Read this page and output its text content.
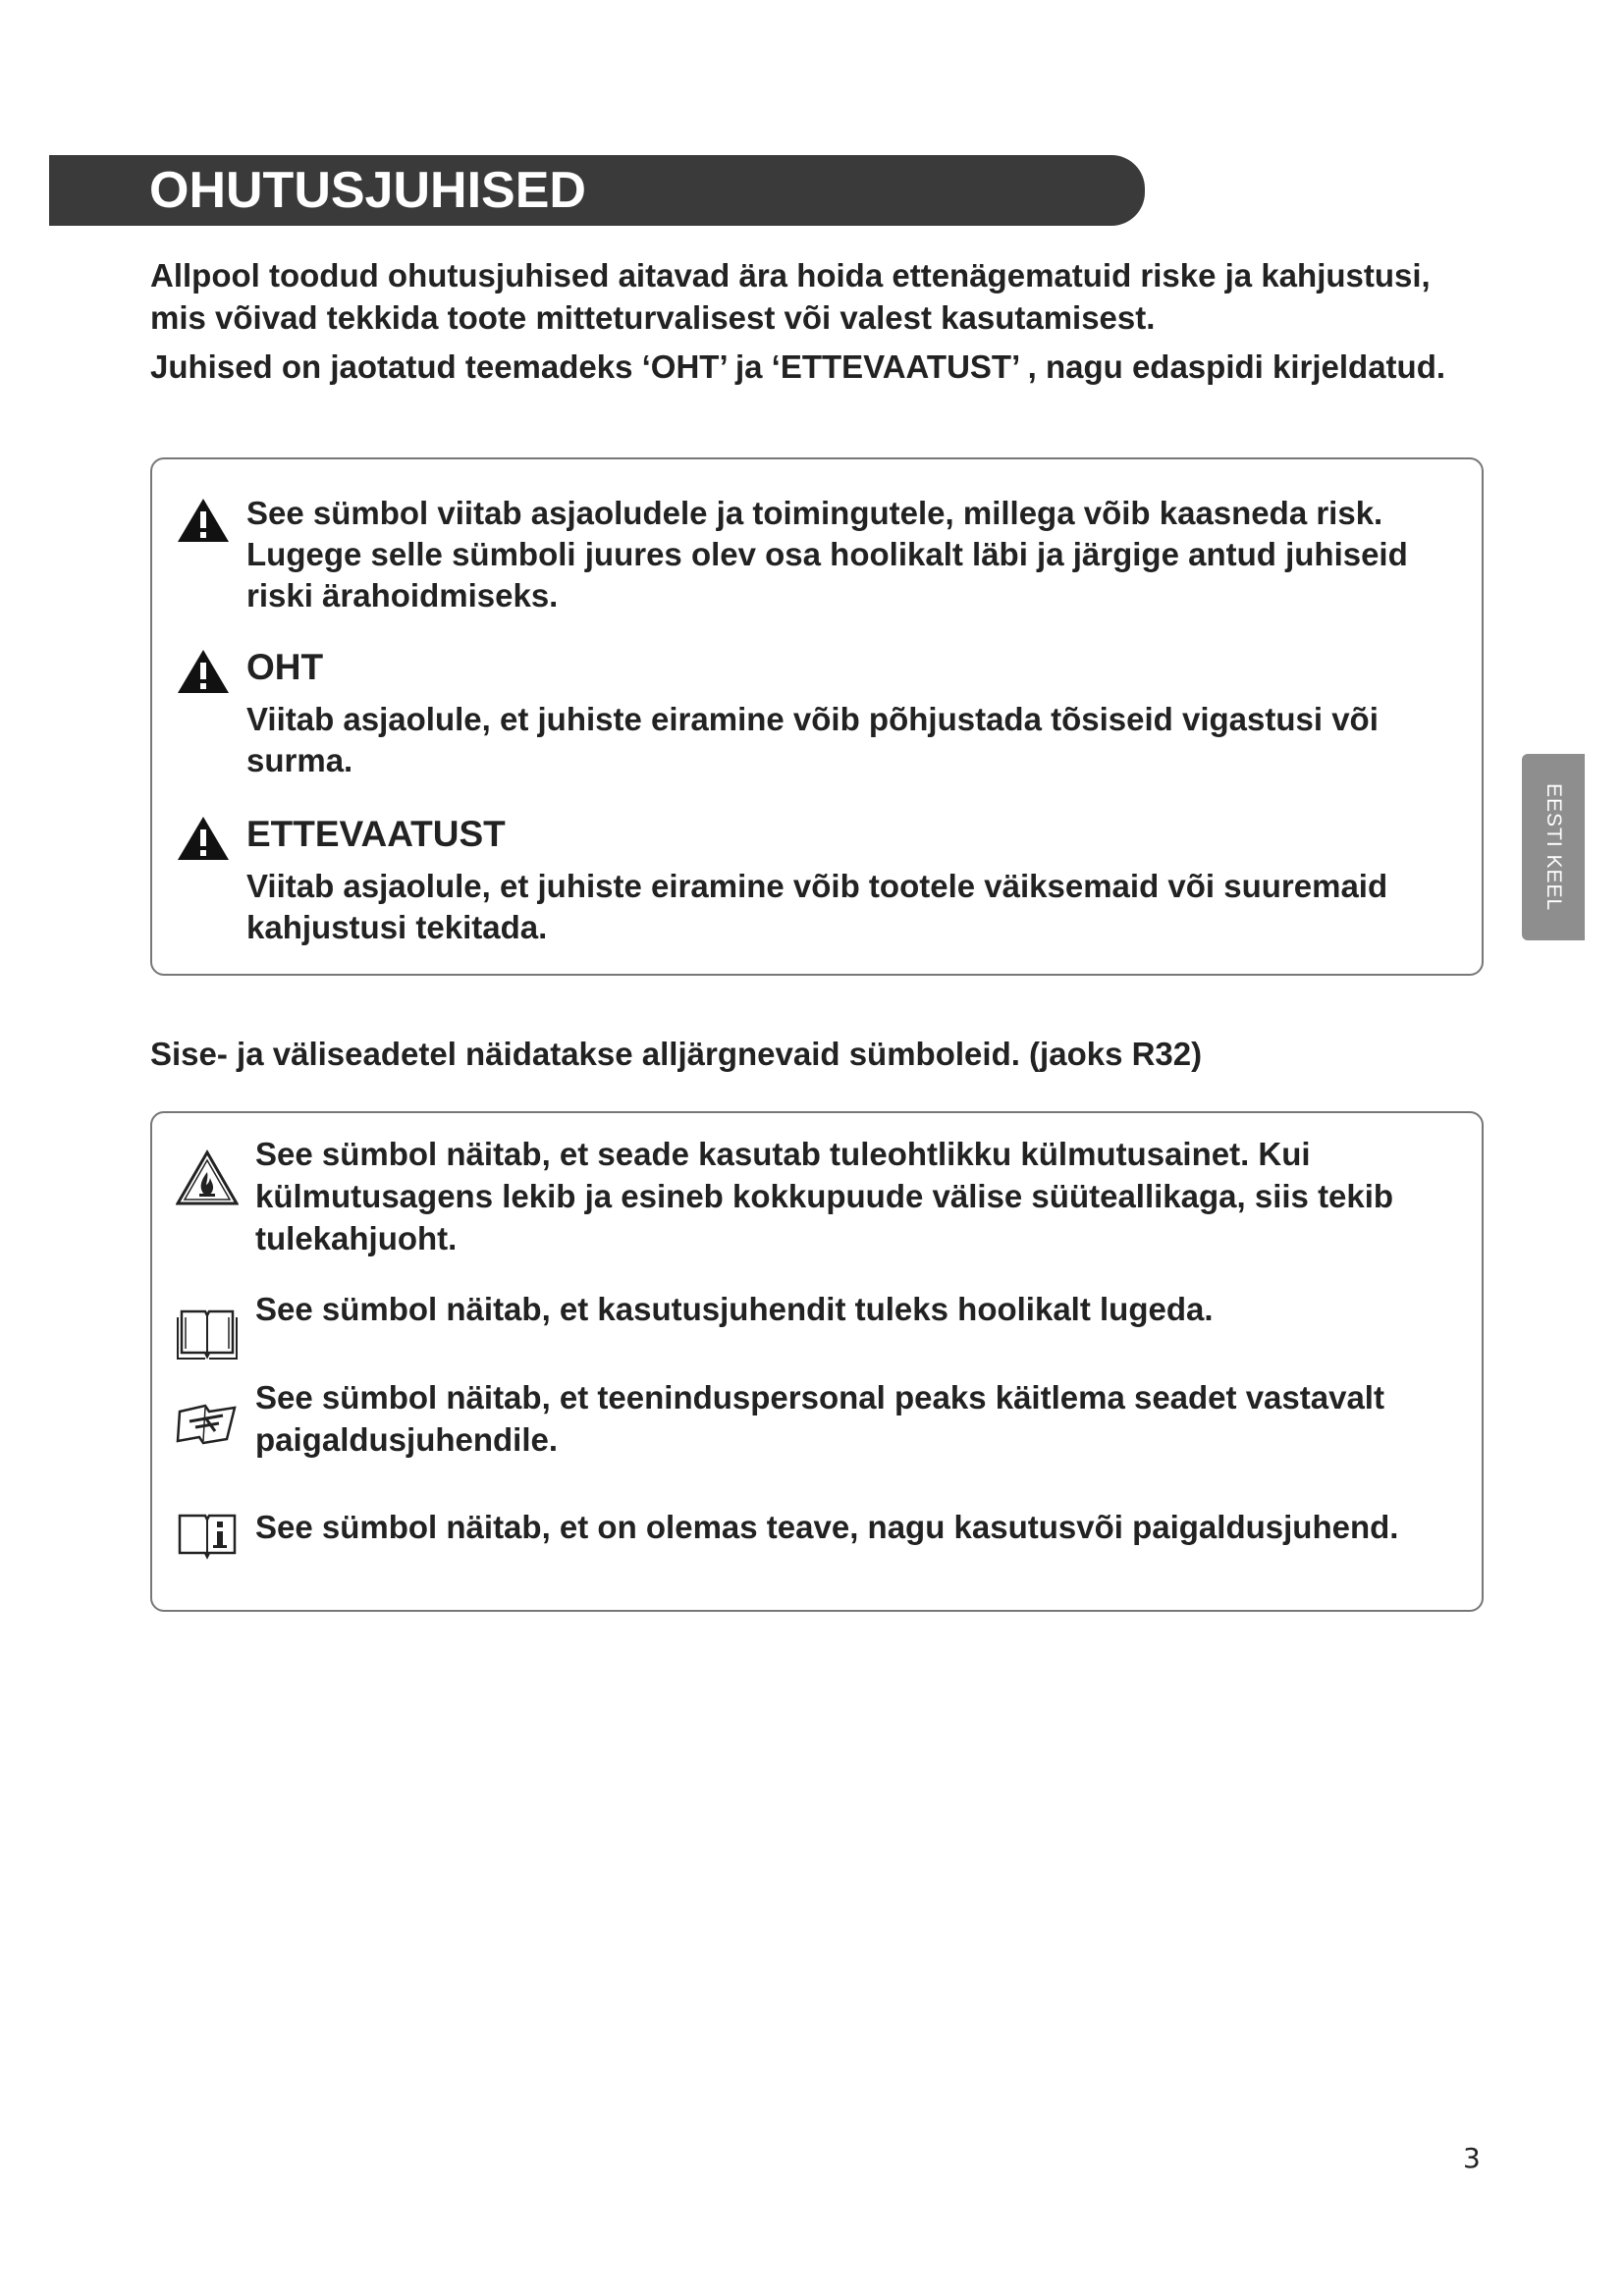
OHUTUSJUHISED
Allpool toodud ohutusjuhised aitavad ära hoida ettenägematuid riske ja kahjustusi, mis võivad tekkida toote mitteturvalisest või valest kasutamisest.
Juhised on jaotatud teemadeks ‘OHT’ ja ‘ETTEVAATUST’ , nagu edaspidi kirjeldatud.
See sümbol viitab asjaoludele ja toimingutele, millega võib kaasneda risk. Lugege selle sümboli juures olev osa hoolikalt läbi ja järgige antud juhiseid riski ärahoidmiseks.
OHT
Viitab asjaolule, et juhiste eiramine võib põhjustada tõsiseid vigastusi või surma.
ETTEVAATUST
Viitab asjaolule, et juhiste eiramine võib tootele väiksemaid või suuremaid kahjustusi tekitada.
Sise- ja väliseadetel näidatakse alljärgnevaid sümboleid. (jaoks R32)
See sümbol näitab, et seade kasutab tuleohtlikku külmutusainet. Kui külmutusagens lekib ja esineb kokkupuude välise süüteallikaga, siis tekib tulekahjuoht.
See sümbol näitab, et kasutusjuhendit tuleks hoolikalt lugeda.
See sümbol näitab, et teeninduspersonal peaks käitlema seadet vastavalt paigaldusjuhendile.
See sümbol näitab, et on olemas teave, nagu kasutusvõi paigaldusjuhend.
EESTI KEEL
3
